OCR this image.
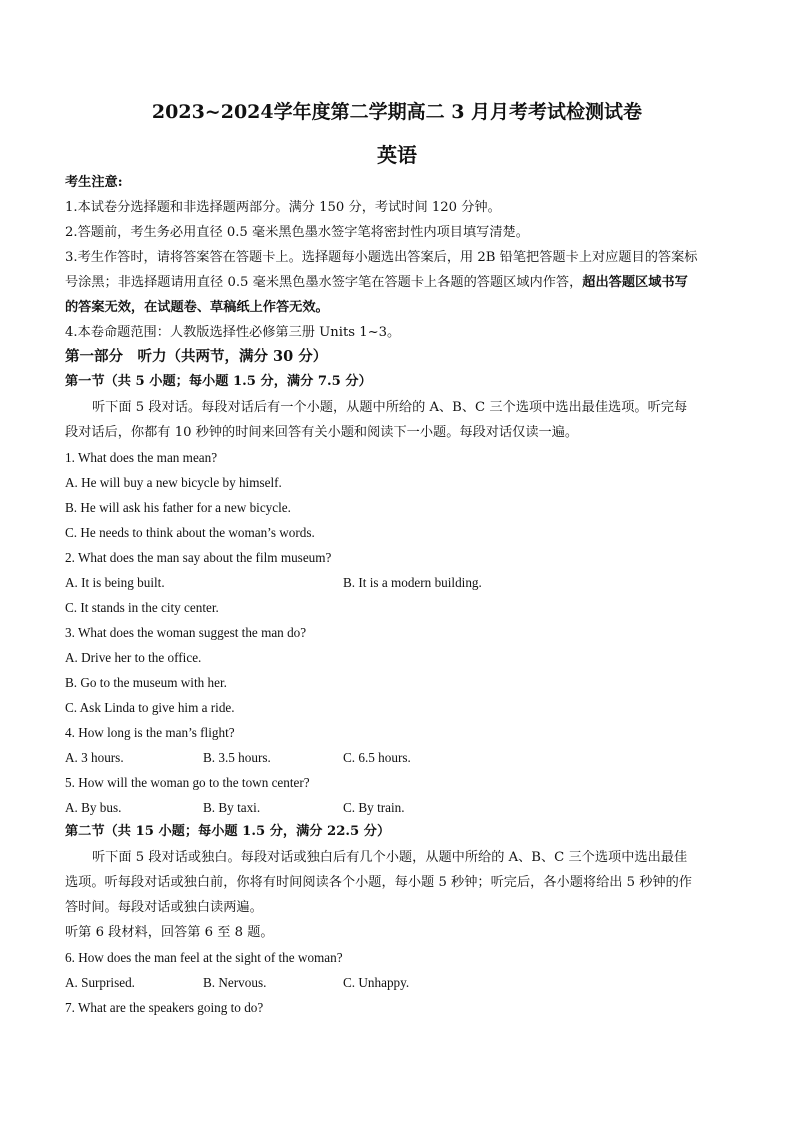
2023~2024学年度第二学期高二 3 月月考考试检测试卷
英语
考生注意:
1.本试卷分选择题和非选择题两部分。满分 150 分，考试时间 120 分钟。
2.答题前，考生务必用直径 0.5 毫米黑色墨水签字笔将密封性内项目填写清楚。
3.考生作答时，请将答案答在答题卡上。选择题每小题选出答案后，用 2B 铅笔把答题卡上对应题目的答案标
号涂黑；非选择题请用直径 0.5 毫米黑色墨水签字笔在答题卡上各题的答题区域内作答，超出答题区域书写
的答案无效，在试题卷、草稿纸上作答无效。
4.本卷命题范围：人教版选择性必修第三册 Units 1~3。
第一部分　听力（共两节，满分 30 分）
第一节（共 5 小题；每小题 1.5 分，满分 7.5 分）
听下面 5 段对话。每段对话后有一个小题，从题中所给的 A、B、C 三个选项中选出最佳选项。听完每
段对话后，你都有 10 秒钟的时间来回答有关小题和阅读下一小题。每段对话仅读一遍。
1. What does the man mean?
A. He will buy a new bicycle by himself.
B. He will ask his father for a new bicycle.
C. He needs to think about the woman’s words.
2. What does the man say about the film museum?
A. It is being built.	B. It is a modern building.
C. It stands in the city center.
3. What does the woman suggest the man do?
A. Drive her to the office.
B. Go to the museum with her.
C. Ask Linda to give him a ride.
4. How long is the man’s flight?
A. 3 hours.	B. 3.5 hours.	C. 6.5 hours.
5. How will the woman go to the town center?
A. By bus.	B. By taxi.	C. By train.
第二节（共 15 小题；每小题 1.5 分，满分 22.5 分）
听下面 5 段对话或独白。每段对话或独白后有几个小题，从题中所给的 A、B、C 三个选项中选出最佳
选项。听每段对话或独白前，你将有时间阅读各个小题，每小题 5 秒钟；听完后，各小题将给出 5 秒钟的作
答时间。每段对话或独白读两遍。
听第 6 段材料，回答第 6 至 8 题。
6. How does the man feel at the sight of the woman?
A. Surprised.	B. Nervous.	C. Unhappy.
7. What are the speakers going to do?
